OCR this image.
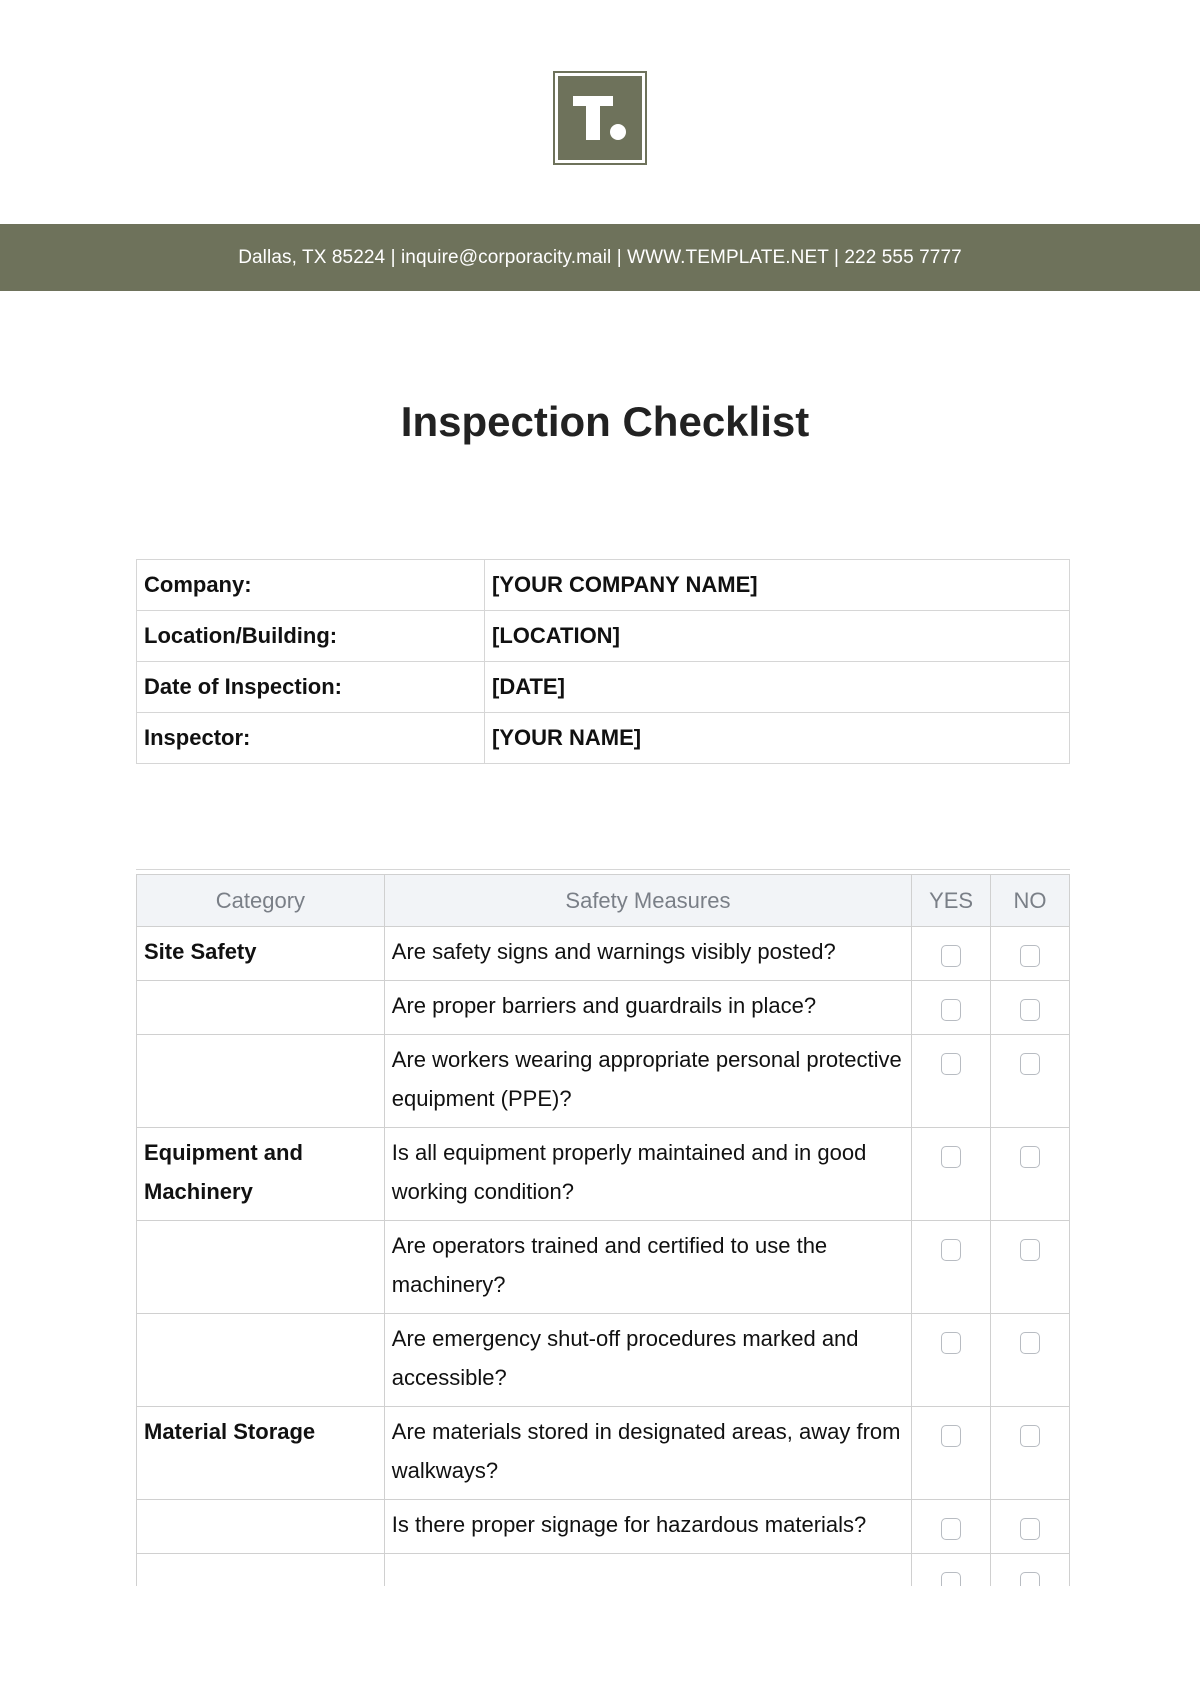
Dallas, TX 85224 | inquire@corporacity.mail | WWW.TEMPLATE.NET | 222 555 7777
Inspection Checklist
Company:	[YOUR COMPANY NAME]
Location/Building:	[LOCATION]
Date of Inspection:	[DATE]
Inspector:	[YOUR NAME]
Category	Safety Measures	YES	NO
Site Safety	Are safety signs and warnings visibly posted?		
	Are proper barriers and guardrails in place?		
	Are workers wearing appropriate personal protective equipment (PPE)?		
Equipment and Machinery	Is all equipment properly maintained and in good working condition?		
	Are operators trained and certified to use the machinery?		
	Are emergency shut-off procedures marked and accessible?		
Material Storage	Are materials stored in designated areas, away from walkways?		
	Is there proper signage for hazardous materials?		
